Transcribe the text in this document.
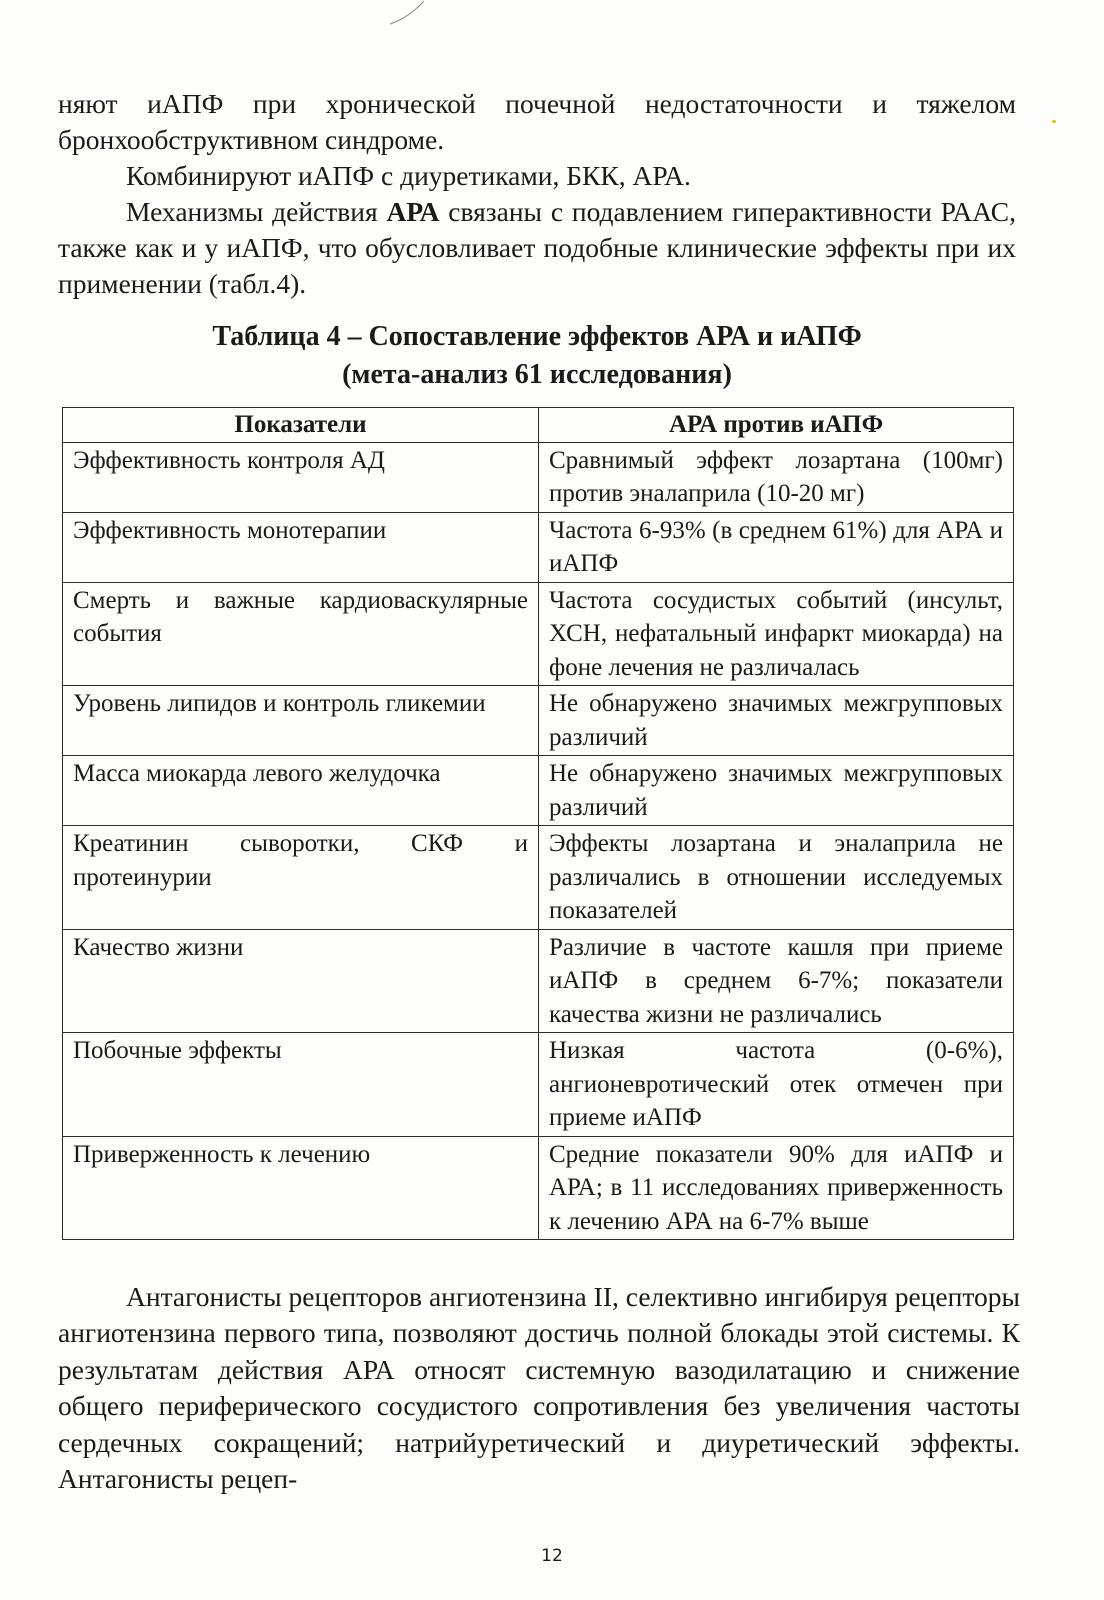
няют иАПФ при хронической почечной недостаточности и тяжелом бронхообструктивном синдроме.

Комбинируют иАПФ с диуретиками, БКК, АРА.

Механизмы действия АРА связаны с подавлением гиперактивности РААС, также как и у иАПФ, что обусловливает подобные клинические эффекты при их применении (табл.4).

Таблица 4 – Сопоставление эффектов АРА и иАПФ
(мета-анализ 61 исследования)
Показатели	АРА против иАПФ
Эффективность контроля АД	Сравнимый эффект лозартана (100мг) против эналаприла (10-20 мг)
Эффективность монотерапии	Частота 6-93% (в среднем 61%) для АРА и иАПФ
Смерть и важные кардиоваскулярные события	Частота сосудистых событий (инсульт, ХСН, нефатальный инфаркт миокарда) на фоне лечения не различалась
Уровень липидов и контроль гликемии	Не обнаружено значимых межгрупповых различий
Масса миокарда левого желудочка	Не обнаружено значимых межгрупповых различий
Креатинин сыворотки, СКФ и протеинурии	Эффекты лозартана и эналаприла не различались в отношении исследуемых показателей
Качество жизни	Различие в частоте кашля при приеме иАПФ в среднем 6-7%; показатели качества жизни не различались
Побочные эффекты	Низкая частота (0-6%), ангионевротический отек отмечен при приеме иАПФ
Приверженность к лечению	Средние показатели 90% для иАПФ и АРА; в 11 исследованиях приверженность к лечению АРА на 6-7% выше

Антагонисты рецепторов ангиотензина II, селективно ингибируя рецепторы ангиотензина первого типа, позволяют достичь полной блокады этой системы. К результатам действия АРА относят системную вазодилатацию и снижение общего периферического сосудистого сопротивления без увеличения частоты сердечных сокращений; натрийуретический и диуретический эффекты. Антагонисты рецеп-

12
